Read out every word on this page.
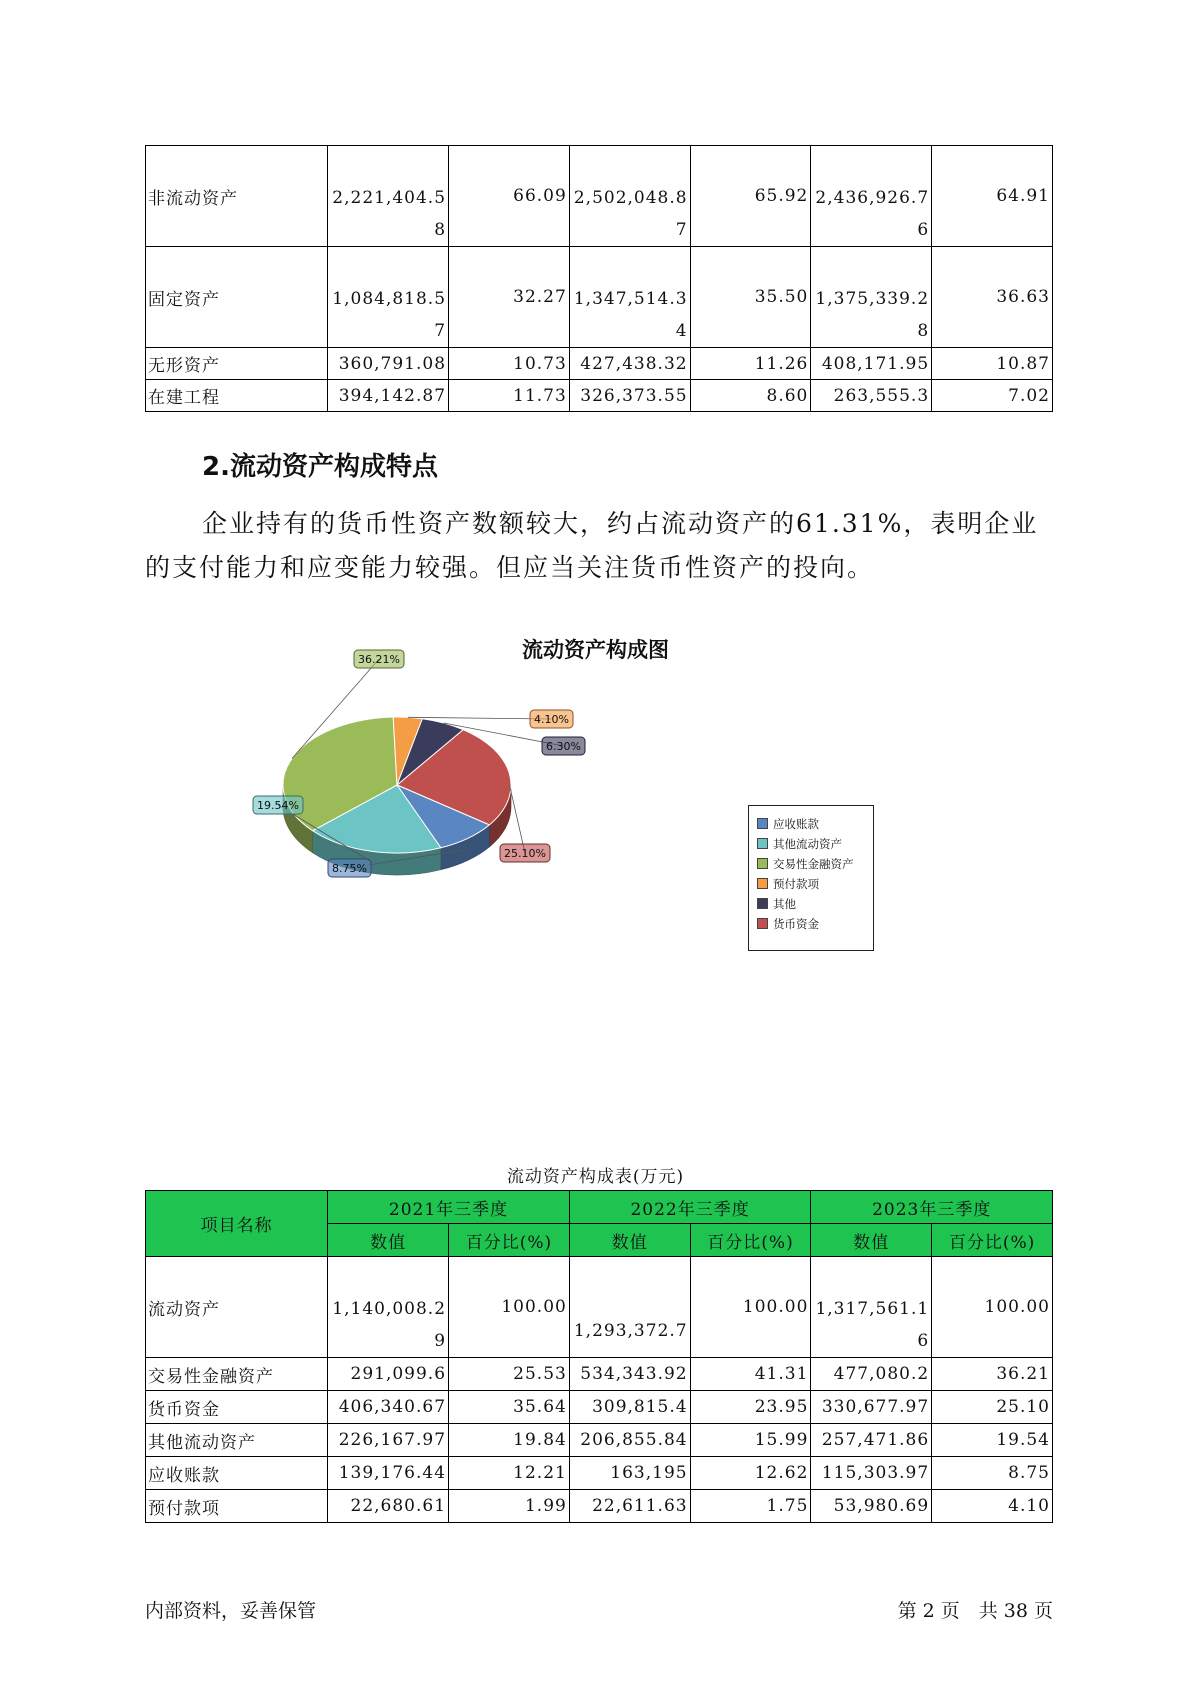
非流动资产	2,221,404.58	66.09	2,502,048.87	65.92	2,436,926.76	64.91
固定资产	1,084,818.57	32.27	1,347,514.34	35.50	1,375,339.28	36.63
无形资产	360,791.08	10.73	427,438.32	11.26	408,171.95	10.87
在建工程	394,142.87	11.73	326,373.55	8.60	263,555.3	7.02
2.流动资产构成特点
企业持有的货币性资产数额较大，约占流动资产的61.31%，表明企业
的支付能力和应变能力较强。但应当关注货币性资产的投向。
流动资产构成图
25.10%
8.75%
19.54%
36.21%
4.10%
6.30%
应收账款
其他流动资产
交易性金融资产
预付款项
其他
货币资金
流动资产构成表(万元)
项目名称	2021年三季度		2022年三季度		2023年三季度	
	数值	百分比(%)	数值	百分比(%)	数值	百分比(%)
流动资产	1,140,008.29	100.00	1,293,372.7	100.00	1,317,561.16	100.00
交易性金融资产	291,099.6	25.53	534,343.92	41.31	477,080.2	36.21
货币资金	406,340.67	35.64	309,815.4	23.95	330,677.97	25.10
其他流动资产	226,167.97	19.84	206,855.84	15.99	257,471.86	19.54
应收账款	139,176.44	12.21	163,195	12.62	115,303.97	8.75
预付款项	22,680.61	1.99	22,611.63	1.75	53,980.69	4.10
内部资料，妥善保管	第 2 页　共 38 页
